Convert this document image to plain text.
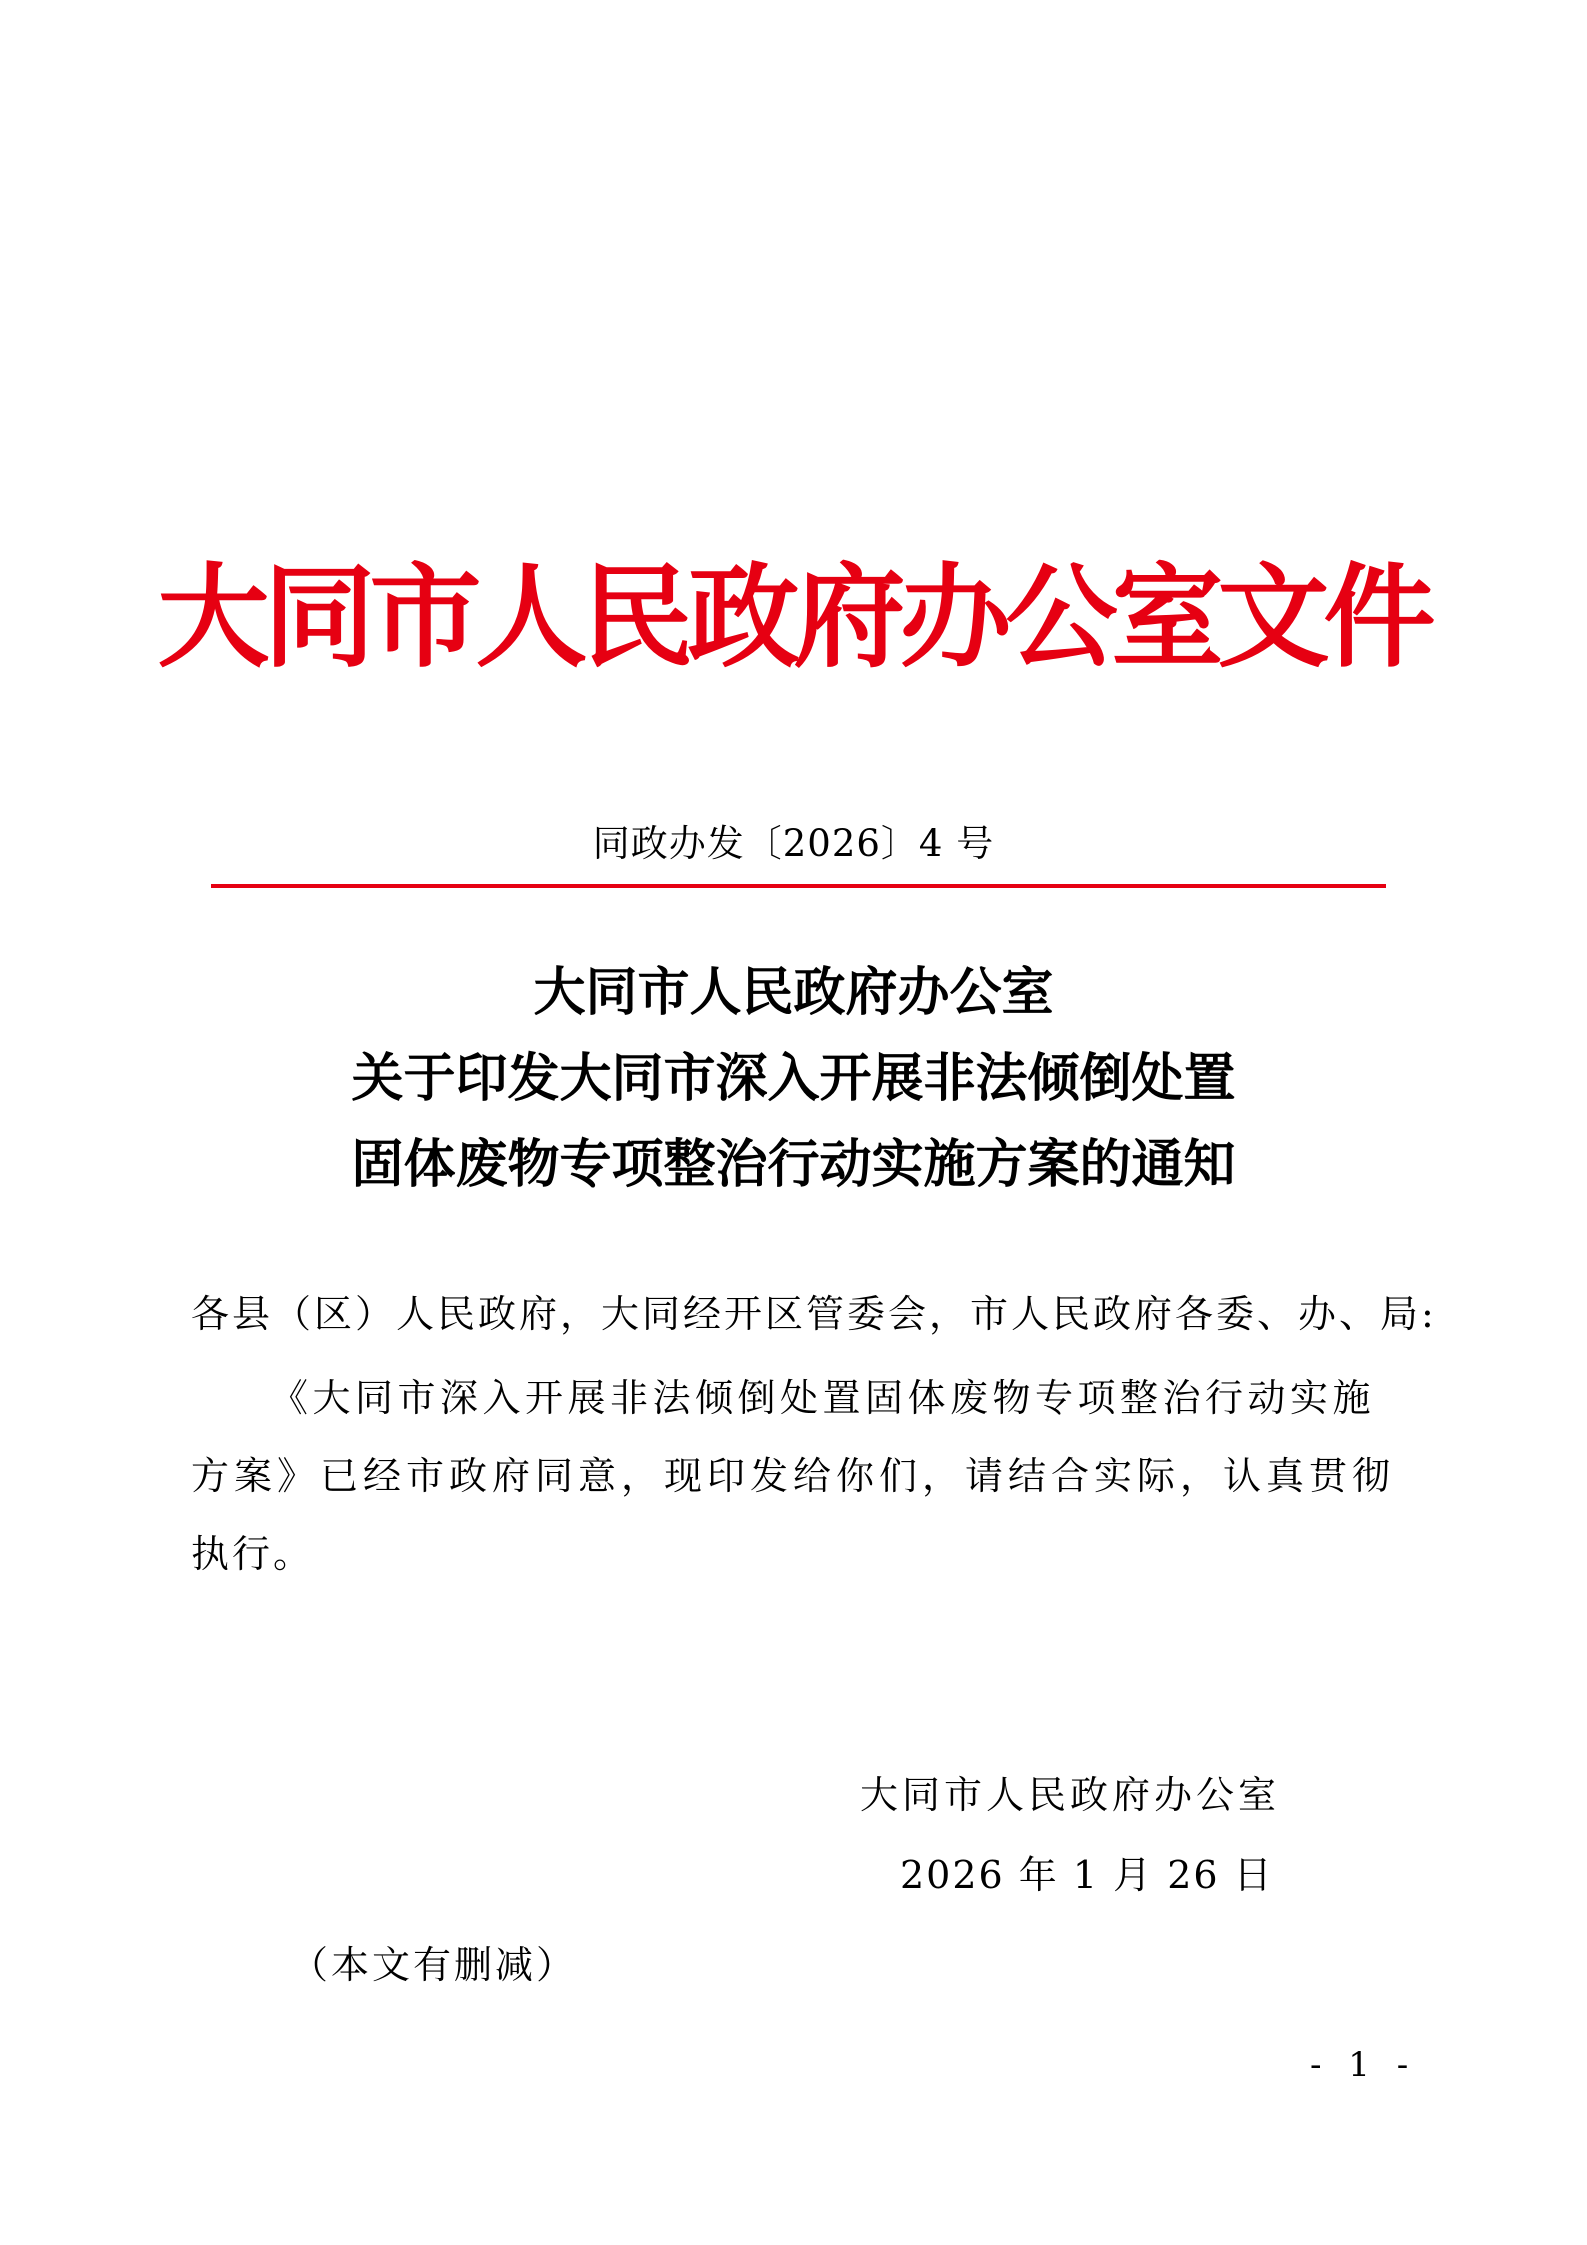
大同市人民政府办公室文件
同政办发〔2026〕4 号
大同市人民政府办公室
关于印发大同市深入开展非法倾倒处置
固体废物专项整治行动实施方案的通知
各县（区）人民政府，大同经开区管委会，市人民政府各委、办、局:
《大同市深入开展非法倾倒处置固体废物专项整治行动实施
方案》已经市政府同意，现印发给你们，请结合实际，认真贯彻
执行。
大同市人民政府办公室
2026 年 1 月 26 日
（本文有删减）
- 1 -
